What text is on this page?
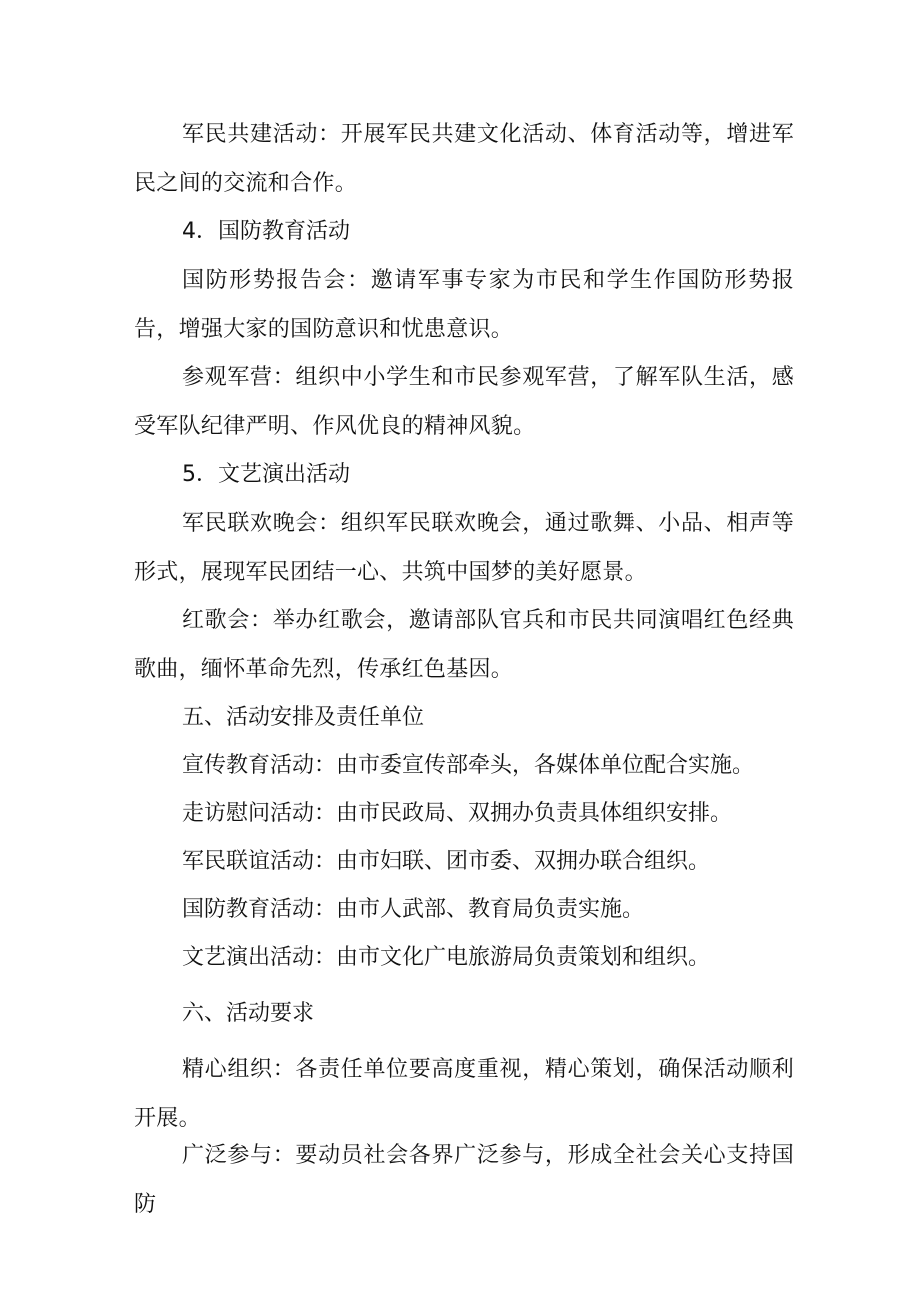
军民共建活动：开展军民共建文化活动、体育活动等，增进军民之间的交流和合作。

4．国防教育活动

国防形势报告会：邀请军事专家为市民和学生作国防形势报告，增强大家的国防意识和忧患意识。

参观军营：组织中小学生和市民参观军营，了解军队生活，感受军队纪律严明、作风优良的精神风貌。

5．文艺演出活动

军民联欢晚会：组织军民联欢晚会，通过歌舞、小品、相声等形式，展现军民团结一心、共筑中国梦的美好愿景。

红歌会：举办红歌会，邀请部队官兵和市民共同演唱红色经典歌曲，缅怀革命先烈，传承红色基因。

五、活动安排及责任单位

宣传教育活动：由市委宣传部牵头，各媒体单位配合实施。

走访慰问活动：由市民政局、双拥办负责具体组织安排。

军民联谊活动：由市妇联、团市委、双拥办联合组织。

国防教育活动：由市人武部、教育局负责实施。

文艺演出活动：由市文化广电旅游局负责策划和组织。

六、活动要求

精心组织：各责任单位要高度重视，精心策划，确保活动顺利开展。

广泛参与：要动员社会各界广泛参与，形成全社会关心支持国防
